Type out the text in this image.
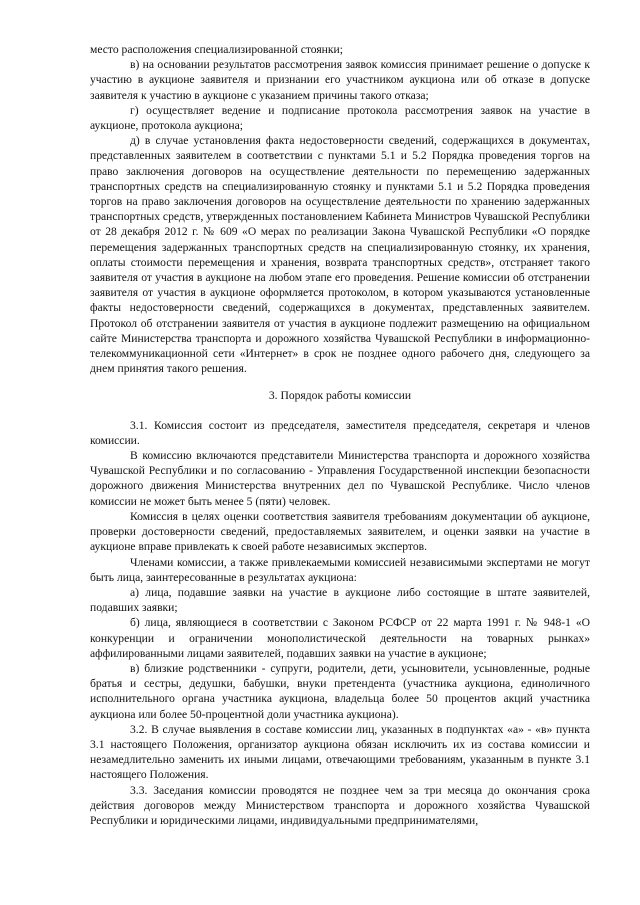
место расположения специализированной стоянки;

в) на основании результатов рассмотрения заявок комиссия принимает решение о допуске к участию в аукционе заявителя и признании его участником аукциона или об отказе в допуске заявителя к участию в аукционе с указанием причины такого отказа;

г) осуществляет ведение и подписание протокола рассмотрения заявок на участие в аукционе, протокола аукциона;

д) в случае установления факта недостоверности сведений, содержащихся в документах, представленных заявителем в соответствии с пунктами 5.1 и 5.2 Порядка проведения торгов на право заключения договоров на осуществление деятельности по перемещению задержанных транспортных средств на специализированную стоянку и пунктами 5.1 и 5.2 Порядка проведения торгов на право заключения договоров на осуществление деятельности по хранению задержанных транспортных средств, утвержденных постановлением Кабинета Министров Чувашской Республики от 28 декабря 2012 г. № 609 «О мерах по реализации Закона Чувашской Республики «О порядке перемещения задержанных транспортных средств на специализированную стоянку, их хранения, оплаты стоимости перемещения и хранения, возврата транспортных средств», отстраняет такого заявителя от участия в аукционе на любом этапе его проведения. Решение комиссии об отстранении заявителя от участия в аукционе оформляется протоколом, в котором указываются установленные факты недостоверности сведений, содержащихся в документах, представленных заявителем. Протокол об отстранении заявителя от участия в аукционе подлежит размещению на официальном сайте Министерства транспорта и дорожного хозяйства Чувашской Республики в информационно-телекоммуникационной сети «Интернет» в срок не позднее одного рабочего дня, следующего за днем принятия такого решения.

3. Порядок работы комиссии

3.1. Комиссия состоит из председателя, заместителя председателя, секретаря и членов комиссии.

В комиссию включаются представители Министерства транспорта и дорожного хозяйства Чувашской Республики и по согласованию - Управления Государственной инспекции безопасности дорожного движения Министерства внутренних дел по Чувашской Республике. Число членов комиссии не может быть менее 5 (пяти) человек.

Комиссия в целях оценки соответствия заявителя требованиям документации об аукционе, проверки достоверности сведений, предоставляемых заявителем, и оценки заявки на участие в аукционе вправе привлекать к своей работе независимых экспертов.

Членами комиссии, а также привлекаемыми комиссией независимыми экспертами не могут быть лица, заинтересованные в результатах аукциона:

а) лица, подавшие заявки на участие в аукционе либо состоящие в штате заявителей, подавших заявки;

б) лица, являющиеся в соответствии с Законом РСФСР от 22 марта 1991 г. № 948-1 «О конкуренции и ограничении монополистической деятельности на товарных рынках» аффилированными лицами заявителей, подавших заявки на участие в аукционе;

в) близкие родственники - супруги, родители, дети, усыновители, усыновленные, родные братья и сестры, дедушки, бабушки, внуки претендента (участника аукциона, единоличного исполнительного органа участника аукциона, владельца более 50 процентов акций участника аукциона или более 50-процентной доли участника аукциона).

3.2. В случае выявления в составе комиссии лиц, указанных в подпунктах «а» - «в» пункта 3.1 настоящего Положения, организатор аукциона обязан исключить их из состава комиссии и незамедлительно заменить их иными лицами, отвечающими требованиям, указанным в пункте 3.1 настоящего Положения.

3.3. Заседания комиссии проводятся не позднее чем за три месяца до окончания срока действия договоров между Министерством транспорта и дорожного хозяйства Чувашской Республики и юридическими лицами, индивидуальными предпринимателями,
